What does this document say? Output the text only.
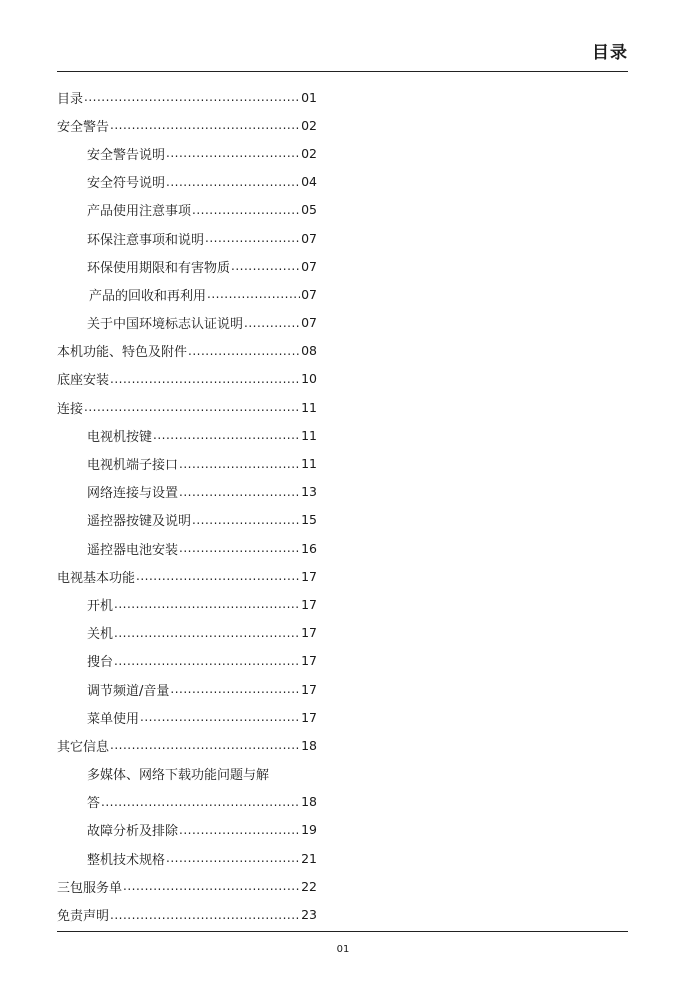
目录
目录 .....	01
安全警告 .....	02
安全警告说明 .....	02
安全符号说明 .....	04
产品使用注意事项 .....	05
环保注意事项和说明 .....	07
环保使用期限和有害物质 .....	07
产品的回收和再利用 .....	07
关于中国环境标志认证说明 .....	07
本机功能、特色及附件 .....	08
底座安装 .....	10
连接 .....	11
电视机按键 .....	11
电视机端子接口 .....	11
网络连接与设置 .....	13
遥控器按键及说明 .....	15
遥控器电池安装 .....	16
电视基本功能 .....	17
开机 .....	17
关机 .....	17
搜台 .....	17
调节频道/音量 .....	17
菜单使用 .....	17
其它信息 .....	18
多媒体、网络下载功能问题与解
答 .....	18
故障分析及排除 .....	19
整机技术规格 .....	21
三包服务单 .....	22
免责声明 .....	23
01
